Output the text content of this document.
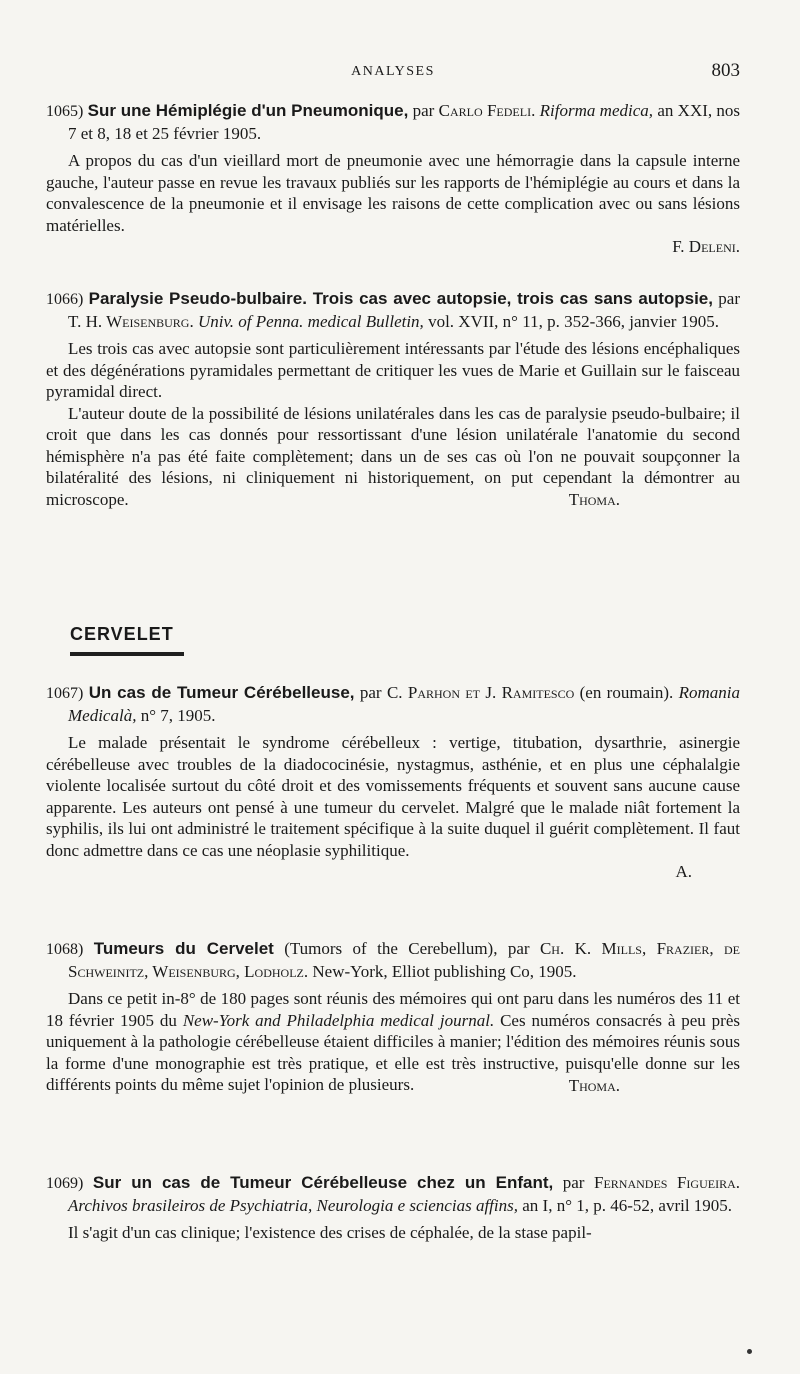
ANALYSES	803

1065) Sur une Hémiplégie d'un Pneumonique, par Carlo Fedeli. Riforma medica, an XXI, nos 7 et 8, 18 et 25 février 1905.

A propos du cas d'un vieillard mort de pneumonie avec une hémorragie dans la capsule interne gauche, l'auteur passe en revue les travaux publiés sur les rapports de l'hémiplégie au cours et dans la convalescence de la pneumonie et il envisage les raisons de cette complication avec ou sans lésions matérielles.

F. Deleni.

1066) Paralysie Pseudo-bulbaire. Trois cas avec autopsie, trois cas sans autopsie, par T. H. Weisenburg. Univ. of Penna. medical Bulletin, vol. XVII, n° 11, p. 352-366, janvier 1905.

Les trois cas avec autopsie sont particulièrement intéressants par l'étude des lésions encéphaliques et des dégénérations pyramidales permettant de critiquer les vues de Marie et Guillain sur le faisceau pyramidal direct.

L'auteur doute de la possibilité de lésions unilatérales dans les cas de paralysie pseudo-bulbaire; il croit que dans les cas donnés pour ressortissant d'une lésion unilatérale l'anatomie du second hémisphère n'a pas été faite complètement; dans un de ses cas où l'on ne pouvait soupçonner la bilatéralité des lésions, ni cliniquement ni historiquement, on put cependant la démontrer au microscope.	Thoma.

CERVELET

1067) Un cas de Tumeur Cérébelleuse, par C. Parhon et J. Ramitesco (en roumain). Romania Medicalà, n° 7, 1905.

Le malade présentait le syndrome cérébelleux : vertige, titubation, dysarthrie, asinergie cérébelleuse avec troubles de la diadococinésie, nystagmus, asthénie, et en plus une céphalalgie violente localisée surtout du côté droit et des vomissements fréquents et souvent sans aucune cause apparente. Les auteurs ont pensé à une tumeur du cervelet. Malgré que le malade niât fortement la syphilis, ils lui ont administré le traitement spécifique à la suite duquel il guérit complètement. Il faut donc admettre dans ce cas une néoplasie syphilitique.

A.

1068) Tumeurs du Cervelet (Tumors of the Cerebellum), par Ch. K. Mills, Frazier, de Schweinitz, Weisenburg, Lodholz. New-York, Elliot publishing Co, 1905.

Dans ce petit in-8° de 180 pages sont réunis des mémoires qui ont paru dans les numéros des 11 et 18 février 1905 du New-York and Philadelphia medical journal. Ces numéros consacrés à peu près uniquement à la pathologie cérébelleuse étaient difficiles à manier; l'édition des mémoires réunis sous la forme d'une monographie est très pratique, et elle est très instructive, puisqu'elle donne sur les différents points du même sujet l'opinion de plusieurs.	Thoma.

1069) Sur un cas de Tumeur Cérébelleuse chez un Enfant, par Fernandes Figueira. Archivos brasileiros de Psychiatria, Neurologia e sciencias affins, an I, n° 1, p. 46-52, avril 1905.

Il s'agit d'un cas clinique; l'existence des crises de céphalée, de la stase papil-
